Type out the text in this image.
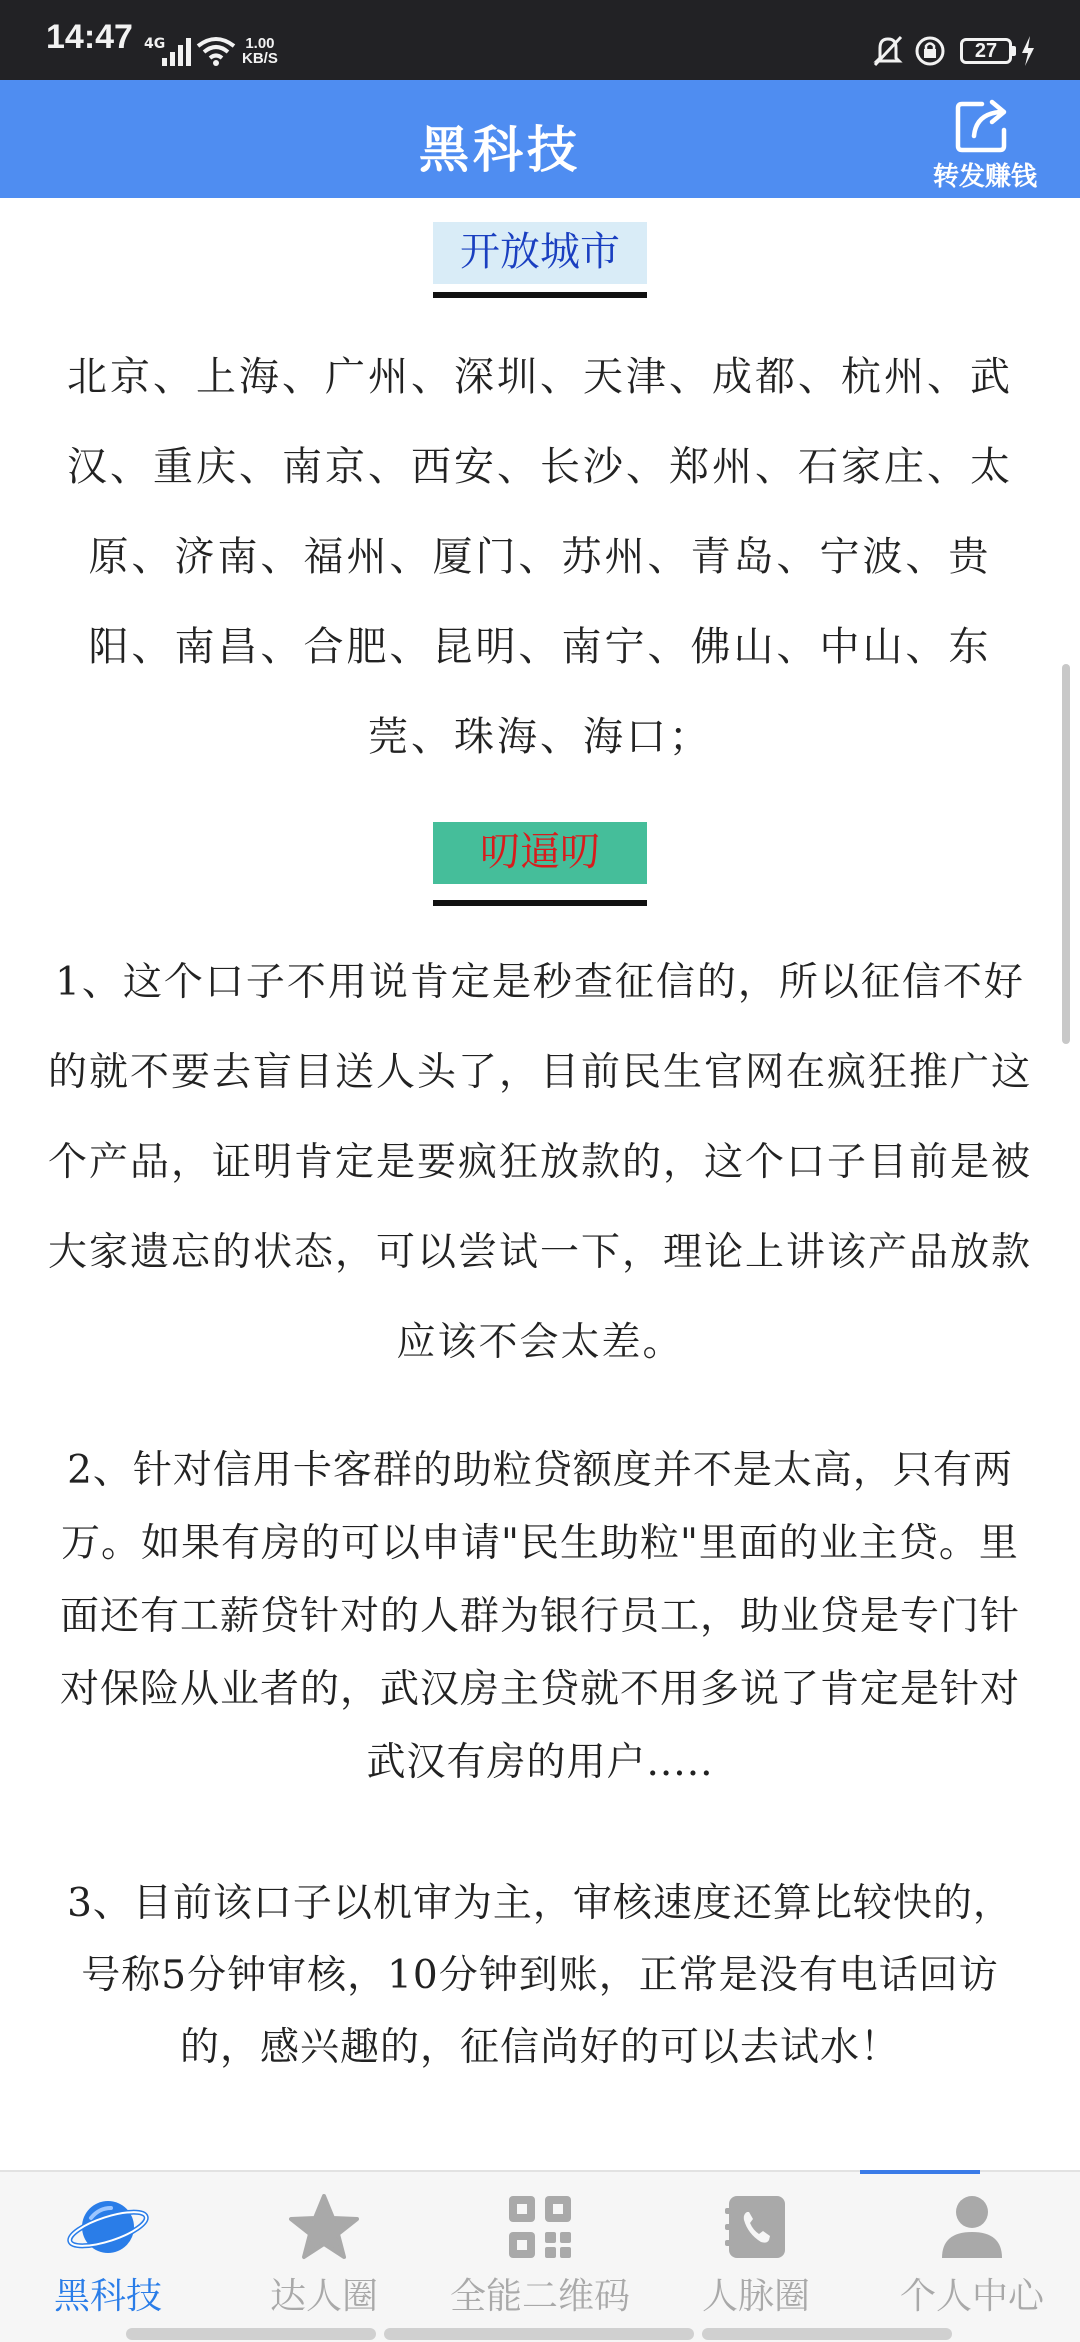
14:47 4G	1.00
KB/S	27
黑科技	转发赚钱
开放城市
北京、上海、广州、深圳、天津、成都、杭州、武汉、重庆、南京、西安、长沙、郑州、石家庄、太原、济南、福州、厦门、苏州、青岛、宁波、贵阳、南昌、合肥、昆明、南宁、佛山、中山、东莞、珠海、海口；
叨逼叨
1、这个口子不用说肯定是秒查征信的，所以征信不好的就不要去盲目送人头了，目前民生官网在疯狂推广这个产品，证明肯定是要疯狂放款的，这个口子目前是被大家遗忘的状态，可以尝试一下，理论上讲该产品放款应该不会太差。
2、针对信用卡客群的助粒贷额度并不是太高，只有两万。如果有房的可以申请"民生助粒"里面的业主贷。里面还有工薪贷针对的人群为银行员工，助业贷是专门针对保险从业者的，武汉房主贷就不用多说了肯定是针对武汉有房的用户.....
3、目前该口子以机审为主，审核速度还算比较快的，号称5分钟审核，10分钟到账，正常是没有电话回访的，感兴趣的，征信尚好的可以去试水！
黑科技	达人圈	全能二维码	人脉圈	个人中心
